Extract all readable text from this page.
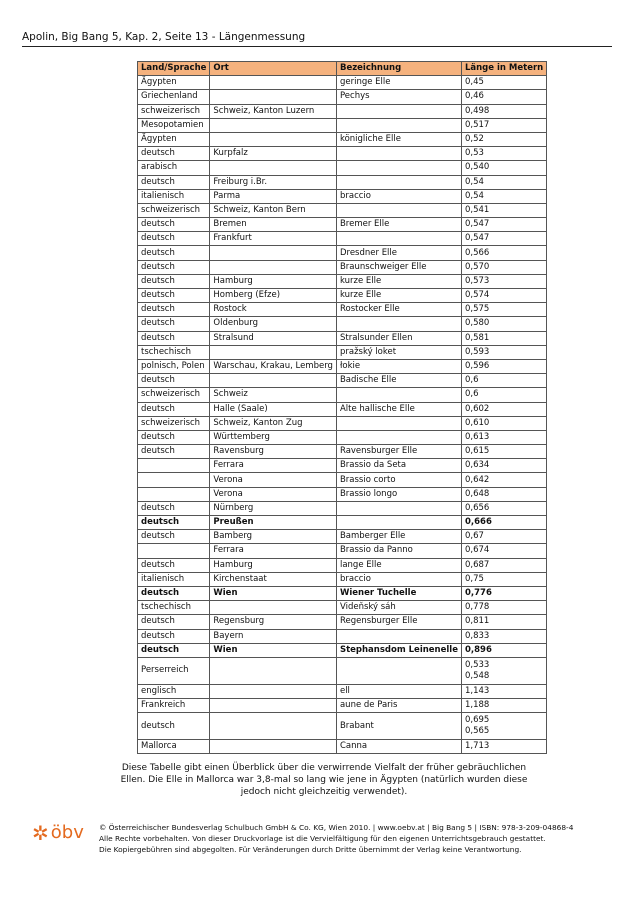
Apolin, Big Bang 5, Kap. 2, Seite 13 - Längenmessung
Land/Sprache	Ort	Bezeichnung	Länge in Metern
Ägypten		geringe Elle	0,45
Griechenland		Pechys	0,46
schweizerisch	Schweiz, Kanton Luzern		0,498
Mesopotamien			0,517
Ägypten		königliche Elle	0,52
deutsch	Kurpfalz		0,53
arabisch			0,540
deutsch	Freiburg i.Br.		0,54
italienisch	Parma	braccio	0,54
schweizerisch	Schweiz, Kanton Bern		0,541
deutsch	Bremen	Bremer Elle	0,547
deutsch	Frankfurt		0,547
deutsch		Dresdner Elle	0,566
deutsch		Braunschweiger Elle	0,570
deutsch	Hamburg	kurze Elle	0,573
deutsch	Homberg (Efze)	kurze Elle	0,574
deutsch	Rostock	Rostocker Elle	0,575
deutsch	Oldenburg		0,580
deutsch	Stralsund	Stralsunder Ellen	0,581
tschechisch		pražský loket	0,593
polnisch, Polen	Warschau, Krakau, Lemberg	łokie	0,596
deutsch		Badische Elle	0,6
schweizerisch	Schweiz		0,6
deutsch	Halle (Saale)	Alte hallische Elle	0,602
schweizerisch	Schweiz, Kanton Zug		0,610
deutsch	Württemberg		0,613
deutsch	Ravensburg	Ravensburger Elle	0,615
	Ferrara	Brassio da Seta	0,634
	Verona	Brassio corto	0,642
	Verona	Brassio longo	0,648
deutsch	Nürnberg		0,656
deutsch	Preußen		0,666
deutsch	Bamberg	Bamberger Elle	0,67
	Ferrara	Brassio da Panno	0,674
deutsch	Hamburg	lange Elle	0,687
italienisch	Kirchenstaat	braccio	0,75
deutsch	Wien	Wiener Tuchelle	0,776
tschechisch		Videňský sáh	0,778
deutsch	Regensburg	Regensburger Elle	0,811
deutsch	Bayern		0,833
deutsch	Wien	Stephansdom Leinenelle	0,896
Perserreich			0,533
0,548

englisch		ell	1,143
Frankreich		aune de Paris	1,188
deutsch		Brabant	0,695
0,565

Mallorca		Canna	1,713
Diese Tabelle gibt einen Überblick über die verwirrende Vielfalt der früher gebräuchlichen Ellen. Die Elle in Mallorca war 3,8-mal so lang wie jene in Ägypten (natürlich wurden diese jedoch nicht gleichzeitig verwendet).
✲ öbv © Österreichischer Bundesverlag Schulbuch GmbH & Co. KG, Wien 2010. | www.oebv.at | Big Bang 5 | ISBN: 978-3-209-04868-4
Alle Rechte vorbehalten. Von dieser Druckvorlage ist die Vervielfältigung für den eigenen Unterrichtsgebrauch gestattet.
Die Kopiergebühren sind abgegolten. Für Veränderungen durch Dritte übernimmt der Verlag keine Verantwortung.
